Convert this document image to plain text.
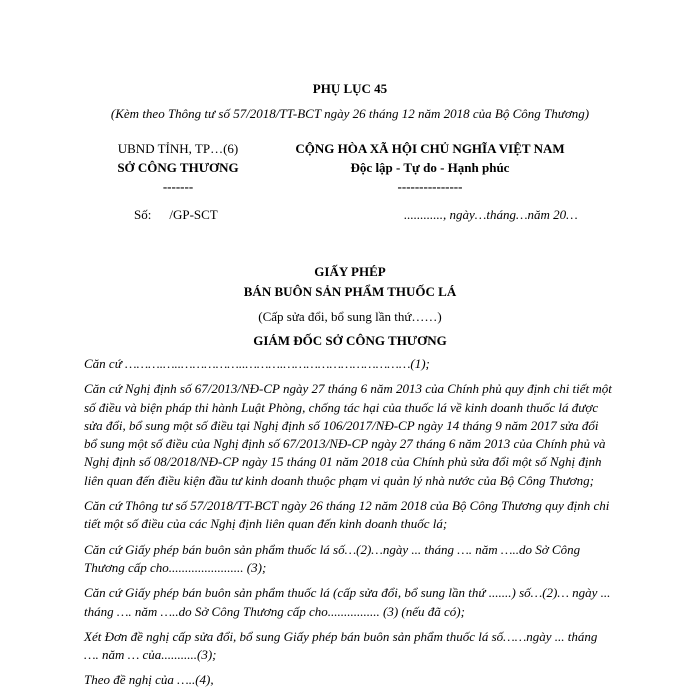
PHỤ LỤC 45
(Kèm theo Thông tư số 57/2018/TT-BCT ngày 26 tháng 12 năm 2018 của Bộ Công Thương)
UBND TỈNH, TP…(6)
SỞ CÔNG THƯƠNG
-------
CỘNG HÒA XÃ HỘI CHỦ NGHĨA VIỆT NAM
Độc lập - Tự do - Hạnh phúc
---------------
Số: /GP-SCT	............, ngày…tháng…năm 20…
GIẤY PHÉP
BÁN BUÔN SẢN PHẨM THUỐC LÁ
(Cấp sửa đổi, bổ sung lần thứ……)
GIÁM ĐỐC SỞ CÔNG THƯƠNG

Căn cứ ……….…..……………..……….……………………………(1);

Căn cứ Nghị định số 67/2013/NĐ-CP ngày 27 tháng 6 năm 2013 của Chính phủ quy định chi tiết một số điều và biện pháp thi hành Luật Phòng, chống tác hại của thuốc lá về kinh doanh thuốc lá được sửa đổi, bổ sung một số điều tại Nghị định số 106/2017/NĐ-CP ngày 14 tháng 9 năm 2017 sửa đổi bổ sung một số điều của Nghị định số 67/2013/NĐ-CP ngày 27 tháng 6 năm 2013 của Chính phủ và Nghị định số 08/2018/NĐ-CP ngày 15 tháng 01 năm 2018 của Chính phủ sửa đổi một số Nghị định liên quan đến điều kiện đầu tư kinh doanh thuộc phạm vi quản lý nhà nước của Bộ Công Thương;

Căn cứ Thông tư số 57/2018/TT-BCT ngày 26 tháng 12 năm 2018 của Bộ Công Thương quy định chi tiết một số điều của các Nghị định liên quan đến kinh doanh thuốc lá;

Căn cứ Giấy phép bán buôn sản phẩm thuốc lá số…(2)…ngày ... tháng …. năm …..do Sở Công Thương cấp cho....................... (3);

Căn cứ Giấy phép bán buôn sản phẩm thuốc lá (cấp sửa đổi, bổ sung lần thứ .......) số…(2)… ngày ... tháng …. năm …..do Sở Công Thương cấp cho................ (3) (nếu đã có);

Xét Đơn đề nghị cấp sửa đổi, bổ sung Giấy phép bán buôn sản phẩm thuốc lá số……ngày ... tháng …. năm … của...........(3);

Theo đề nghị của …..(4),
